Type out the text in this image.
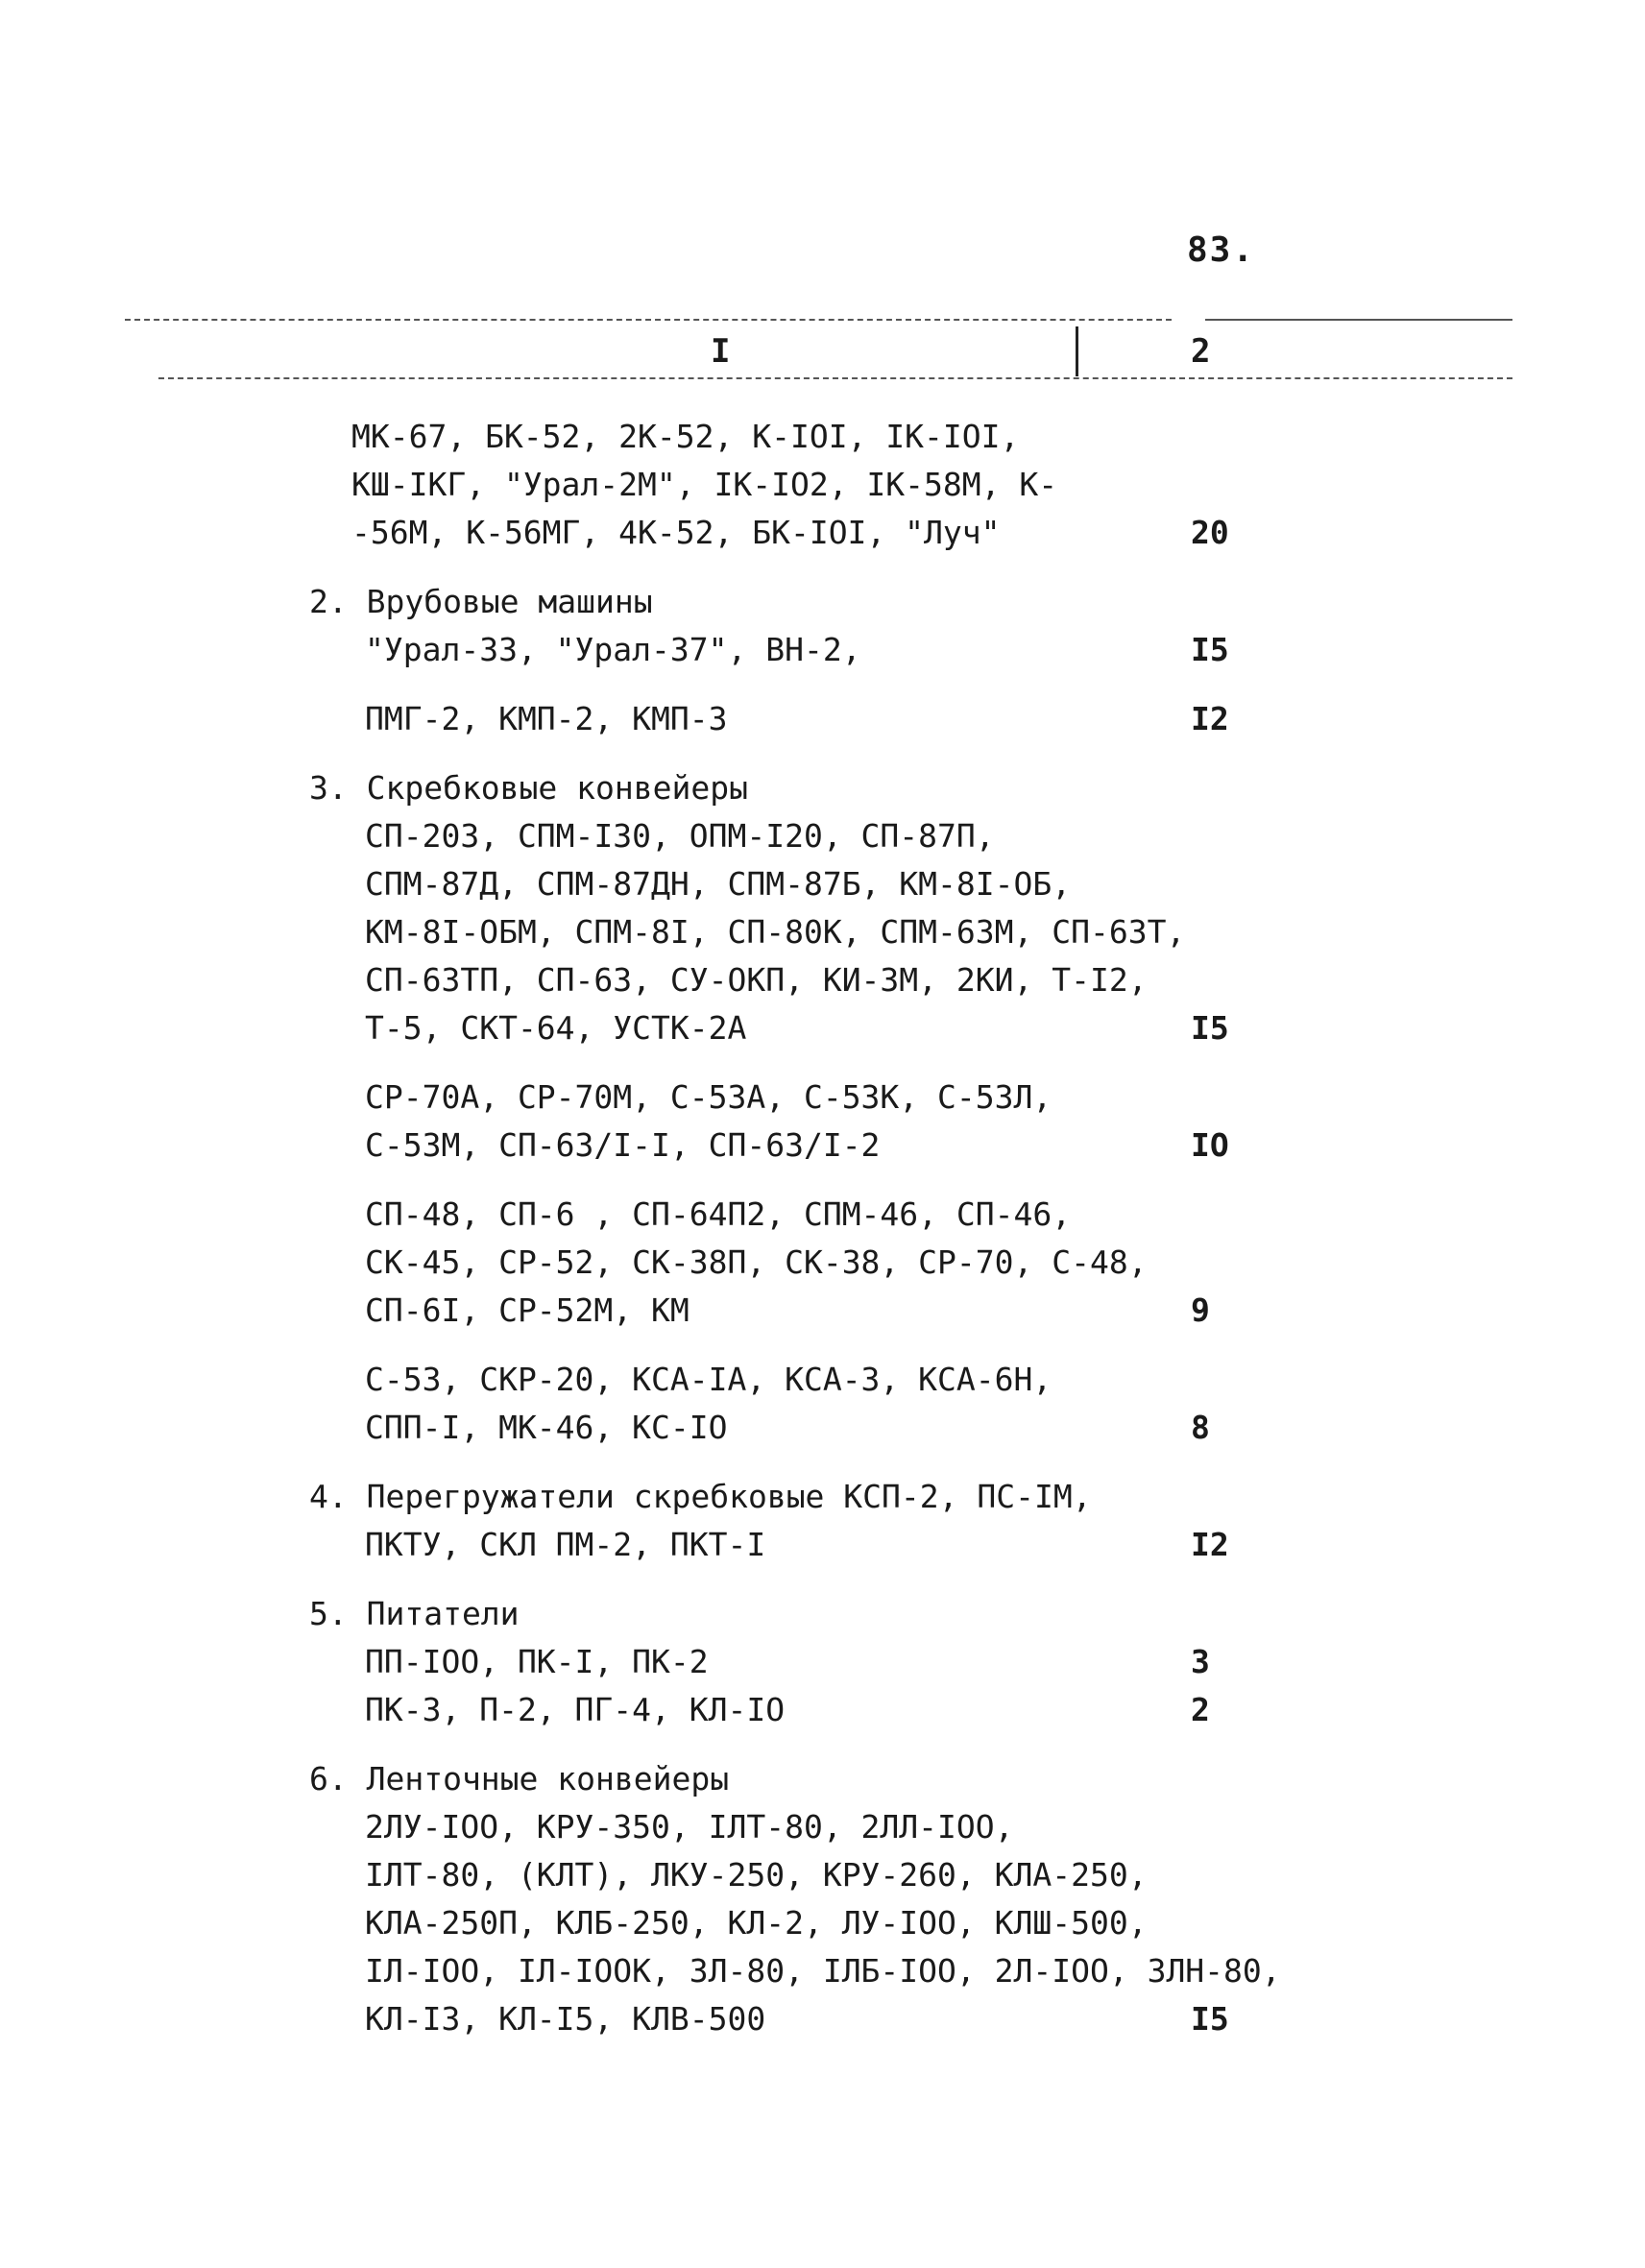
83.
I	2
МК-67, БК-52, 2К-52, К-IOI, IК-IOI,
КШ-IКГ, "Урал-2М", IК-IO2, IК-58М, К-
-56М, К-56МГ, 4К-52, БК-IOI, "Луч"	20
2. Врубовые машины
"Урал-33, "Урал-37", ВН-2,	I5
ПМГ-2, КМП-2, КМП-3	I2
3. Скребковые конвейеры
СП-203, СПМ-I30, ОПМ-I20, СП-87П,
СПМ-87Д, СПМ-87ДН, СПМ-87Б, КМ-8I-ОБ,
КМ-8I-ОБМ, СПМ-8I, СП-80К, СПМ-63М, СП-63Т,
СП-63ТП, СП-63, СУ-ОКП, КИ-3М, 2КИ, Т-I2,
Т-5, СКТ-64, УСТК-2А	I5
СР-70А, СР-70М, С-53А, С-53К, С-53Л,
С-53М, СП-63/I-I, СП-63/I-2	IO
СП-48, СП-6 , СП-64П2, СПМ-46, СП-46,
СК-45, СР-52, СК-38П, СК-38, СР-70, С-48,
СП-6I, СР-52М, КМ	9
С-53, СКР-20, КСА-IА, КСА-3, КСА-6Н,
СПП-I, МК-46, КС-IO	8
4. Перегружатели скребковые КСП-2, ПС-IМ,
ПКТУ, СКЛ ПМ-2, ПКТ-I	I2
5. Питатели
ПП-IOO, ПК-I, ПК-2	3
ПК-3, П-2, ПГ-4, КЛ-IO	2
6. Ленточные конвейеры
2ЛУ-IOO, КРУ-350, IЛТ-80, 2ЛЛ-IOO,
IЛТ-80, (КЛТ), ЛКУ-250, КРУ-260, КЛА-250,
КЛА-250П, КЛБ-250, КЛ-2, ЛУ-IOO, КЛШ-500,
IЛ-IOO, IЛ-IOOК, 3Л-80, IЛБ-IOO, 2Л-IOO, 3ЛН-80,
КЛ-I3, КЛ-I5, КЛВ-500	I5
